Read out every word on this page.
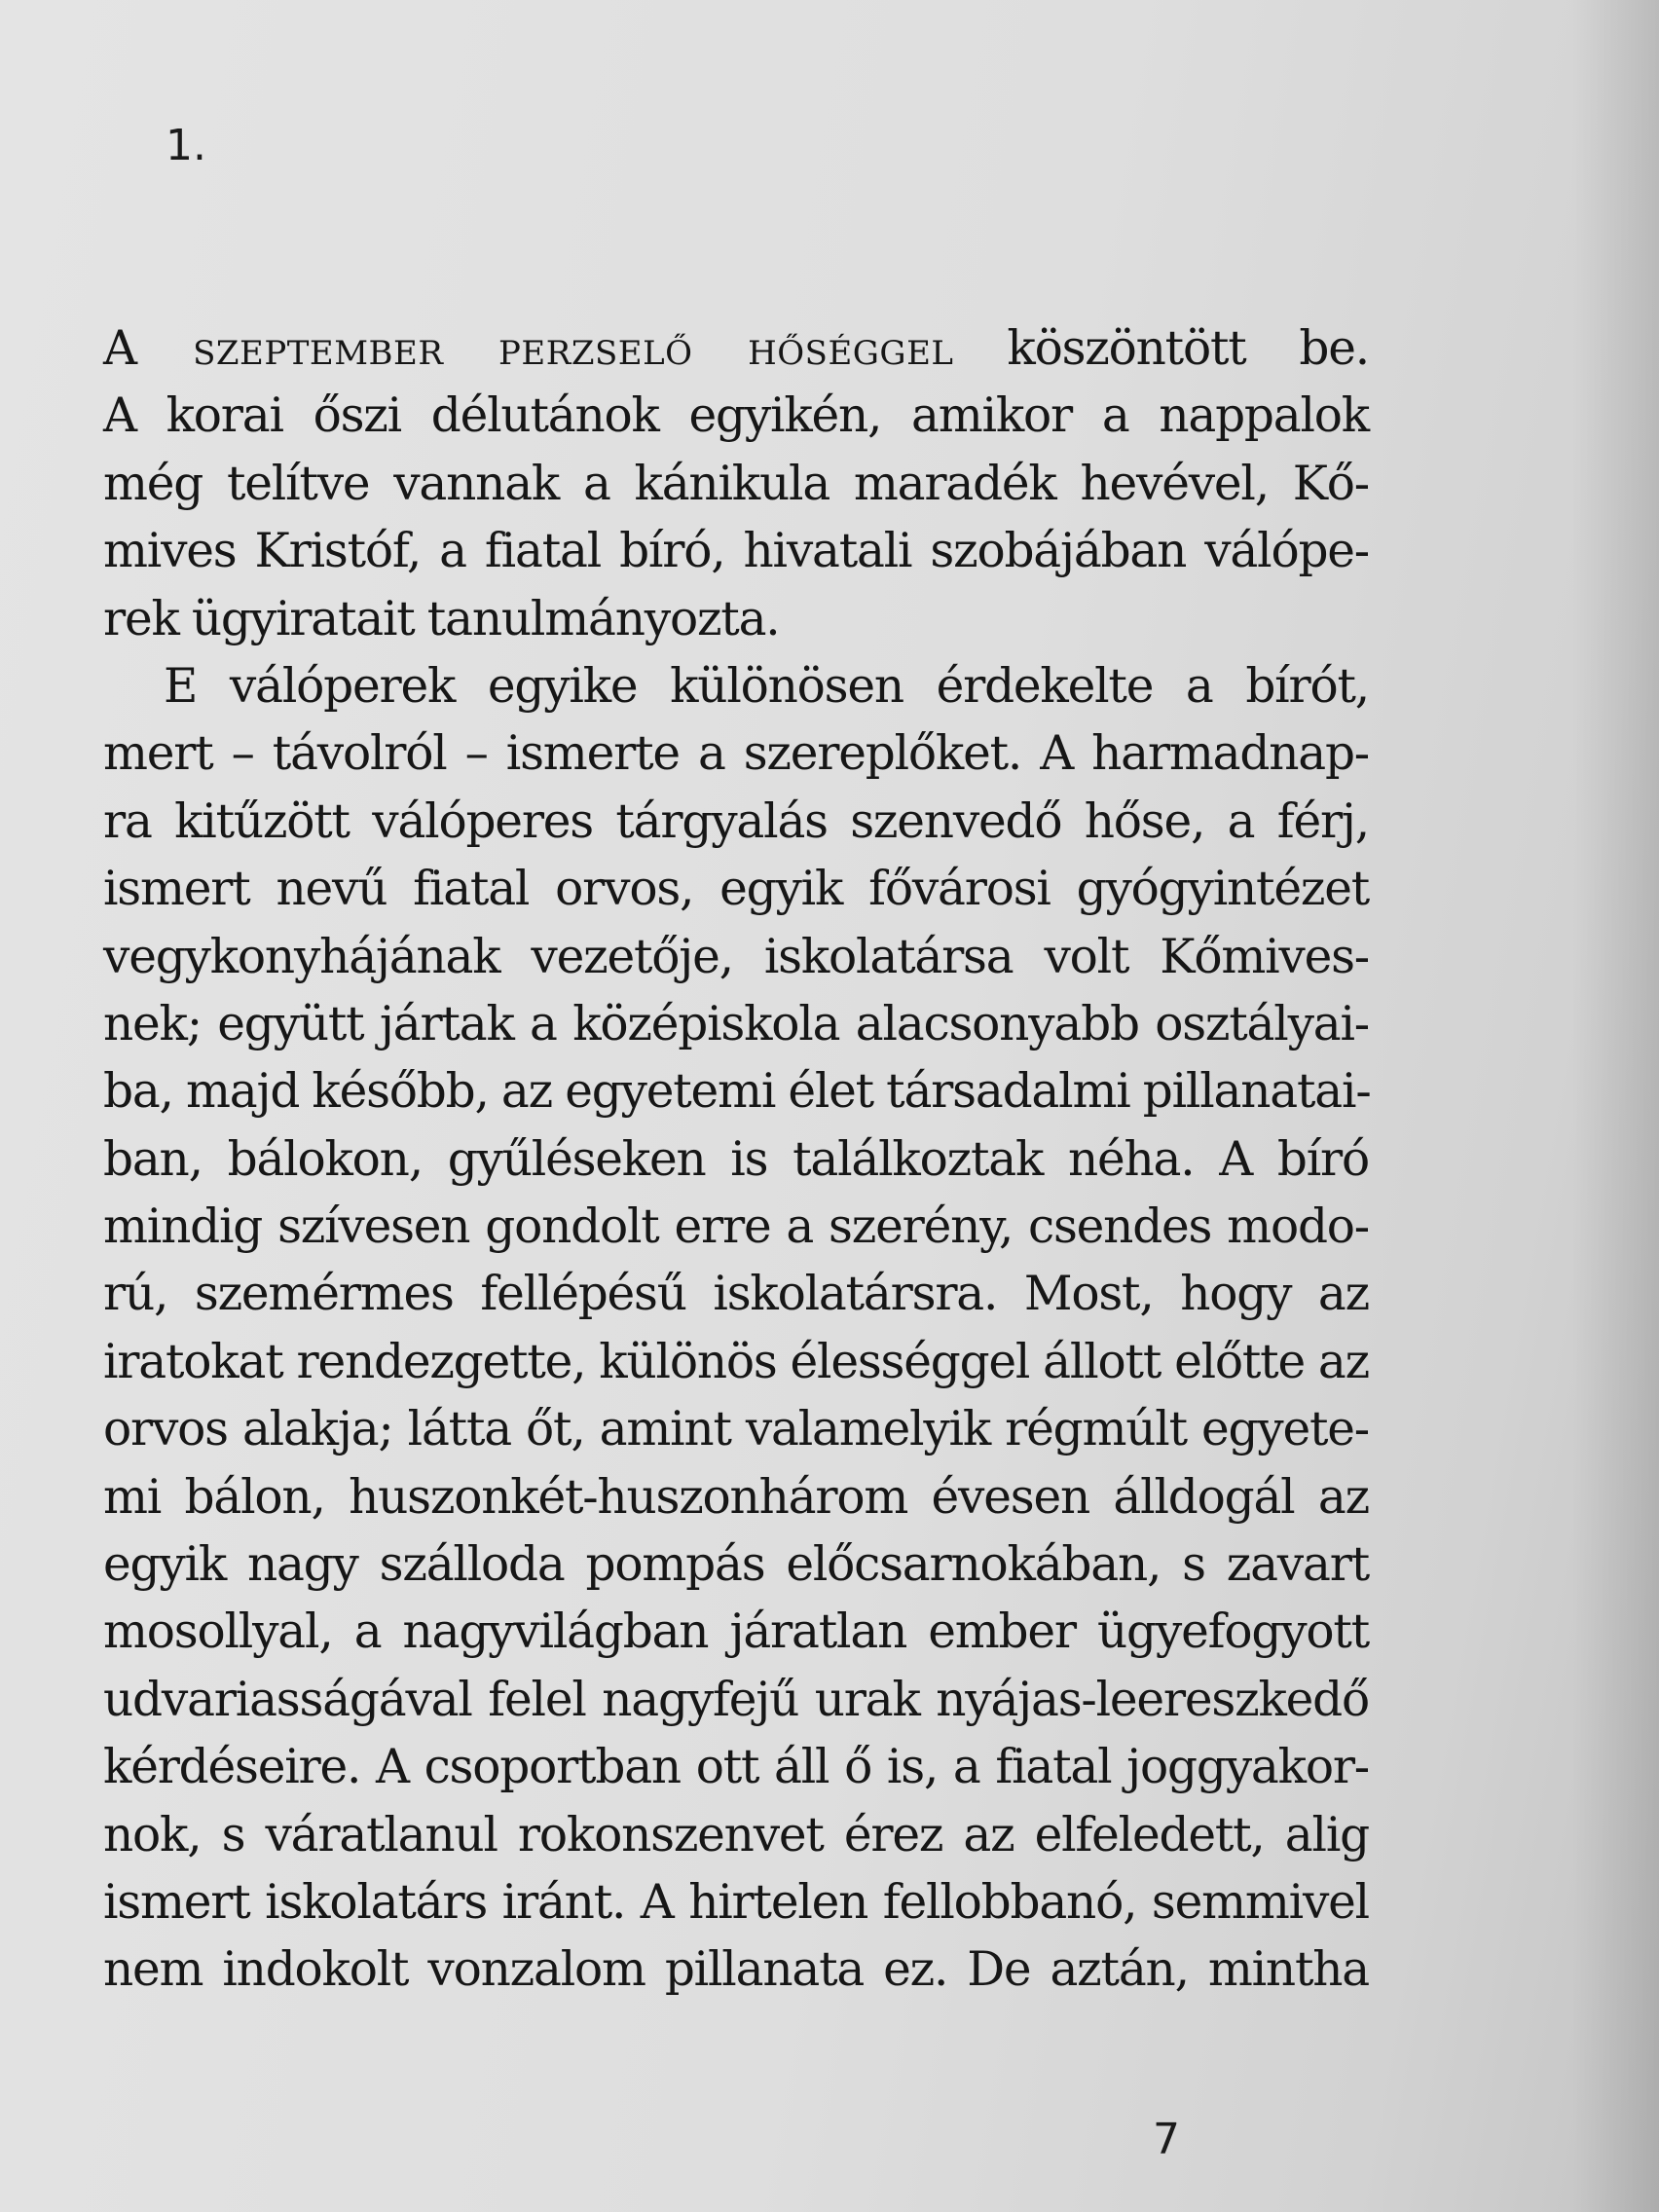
1.
A szeptember perzselő hőséggel köszöntött be.
A korai őszi délutánok egyikén, amikor a nappalok
még telítve vannak a kánikula maradék hevével, Kő-
mives Kristóf, a fiatal bíró, hivatali szobájában válópe-
rek ügyiratait tanulmányozta.
E válóperek egyike különösen érdekelte a bírót,
mert – távolról – ismerte a szereplőket. A harmadnap-
ra kitűzött válóperes tárgyalás szenvedő hőse, a férj,
ismert nevű fiatal orvos, egyik fővárosi gyógyintézet
vegykonyhájának vezetője, iskolatársa volt Kőmives-
nek; együtt jártak a középiskola alacsonyabb osztályai-
ba, majd később, az egyetemi élet társadalmi pillanatai-
ban, bálokon, gyűléseken is találkoztak néha. A bíró
mindig szívesen gondolt erre a szerény, csendes modo-
rú, szemérmes fellépésű iskolatársra. Most, hogy az
iratokat rendezgette, különös élességgel állott előtte az
orvos alakja; látta őt, amint valamelyik régmúlt egyete-
mi bálon, huszonkét-huszonhárom évesen álldogál az
egyik nagy szálloda pompás előcsarnokában, s zavart
mosollyal, a nagyvilágban járatlan ember ügyefogyott
udvariasságával felel nagyfejű urak nyájas-leereszkedő
kérdéseire. A csoportban ott áll ő is, a fiatal joggyakor-
nok, s váratlanul rokonszenvet érez az elfeledett, alig
ismert iskolatárs iránt. A hirtelen fellobbanó, semmivel
nem indokolt vonzalom pillanata ez. De aztán, mintha
7
